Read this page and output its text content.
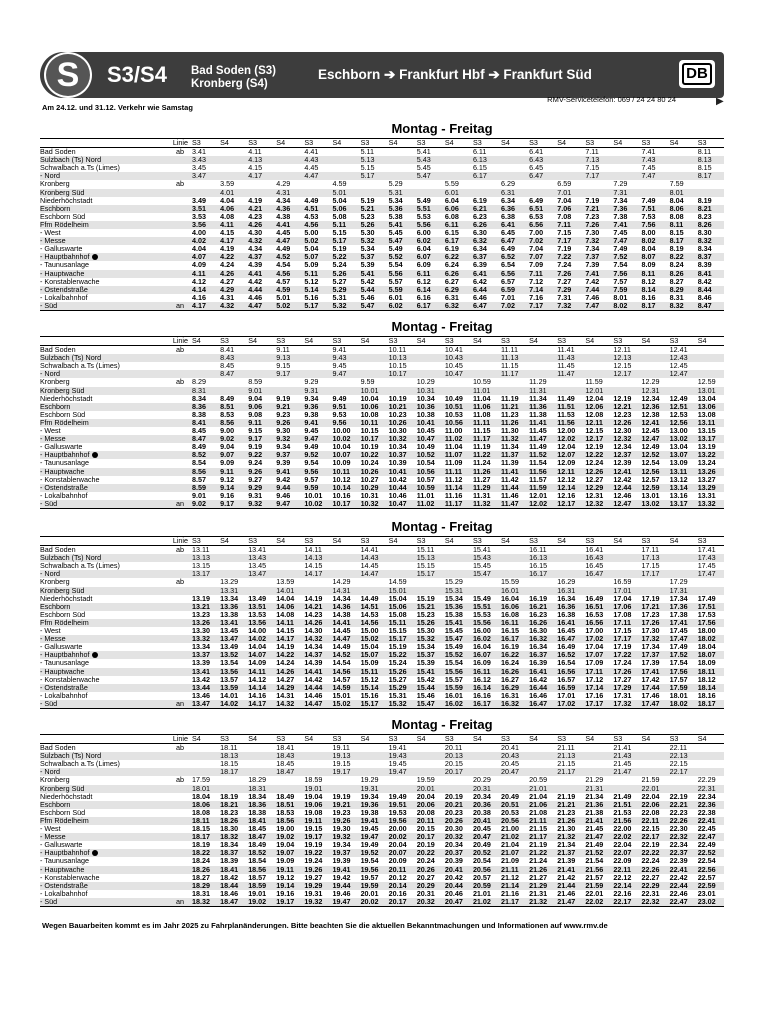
S	S3/S4 Bad Soden (S3)
Kronberg (S4)
Eschborn ➔ Frankfurt Hbf ➔ Frankfurt Süd	DB
Am 24.12. und 31.12. Verkehr wie Samstag
RMV-Servicetelefon: 069 / 24 24 80 24	▶
Montag - Freitag
Linie		S3	S4	S3	S4	S3	S4	S3	S4	S3	S4	S3	S4	S3	S4	S3	S4	S3	S4	S3
Bad Soden	ab	3.41		4.11		4.41		5.11		5.41		6.11		6.41		7.11		7.41		8.11
Sulzbach (Ts) Nord		3.43		4.13		4.43		5.13		5.43		6.13		6.43		7.13		7.43		8.13
Schwalbach a.Ts (Limes)		3.45		4.15		4.45		5.15		5.45		6.15		6.45		7.15		7.45		8.15
- Nord		3.47		4.17		4.47		5.17		5.47		6.17		6.47		7.17		7.47		8.17
Kronberg	ab		3.59		4.29		4.59		5.29		5.59		6.29		6.59		7.29		7.59	
Kronberg Süd			4.01		4.31		5.01		5.31		6.01		6.31		7.01		7.31		8.01	
Niederhöchstadt		3.49	4.04	4.19	4.34	4.49	5.04	5.19	5.34	5.49	6.04	6.19	6.34	6.49	7.04	7.19	7.34	7.49	8.04	8.19
Eschborn		3.51	4.06	4.21	4.36	4.51	5.06	5.21	5.36	5.51	6.06	6.21	6.36	6.51	7.06	7.21	7.36	7.51	8.06	8.21
Eschborn Süd		3.53	4.08	4.23	4.38	4.53	5.08	5.23	5.38	5.53	6.08	6.23	6.38	6.53	7.08	7.23	7.38	7.53	8.08	8.23
Ffm Rödelheim		3.56	4.11	4.26	4.41	4.56	5.11	5.26	5.41	5.56	6.11	6.26	6.41	6.56	7.11	7.26	7.41	7.56	8.11	8.26
- West		4.00	4.15	4.30	4.45	5.00	5.15	5.30	5.45	6.00	6.15	6.30	6.45	7.00	7.15	7.30	7.45	8.00	8.15	8.30
- Messe		4.02	4.17	4.32	4.47	5.02	5.17	5.32	5.47	6.02	6.17	6.32	6.47	7.02	7.17	7.32	7.47	8.02	8.17	8.32
- Galluswarte		4.04	4.19	4.34	4.49	5.04	5.19	5.34	5.49	6.04	6.19	6.34	6.49	7.04	7.19	7.34	7.49	8.04	8.19	8.34
- Hauptbahnhof		4.07	4.22	4.37	4.52	5.07	5.22	5.37	5.52	6.07	6.22	6.37	6.52	7.07	7.22	7.37	7.52	8.07	8.22	8.37
- Taunusanlage		4.09	4.24	4.39	4.54	5.09	5.24	5.39	5.54	6.09	6.24	6.39	6.54	7.09	7.24	7.39	7.54	8.09	8.24	8.39
- Hauptwache		4.11	4.26	4.41	4.56	5.11	5.26	5.41	5.56	6.11	6.26	6.41	6.56	7.11	7.26	7.41	7.56	8.11	8.26	8.41
- Konstablerwache		4.12	4.27	4.42	4.57	5.12	5.27	5.42	5.57	6.12	6.27	6.42	6.57	7.12	7.27	7.42	7.57	8.12	8.27	8.42
- Ostendstraße		4.14	4.29	4.44	4.59	5.14	5.29	5.44	5.59	6.14	6.29	6.44	6.59	7.14	7.29	7.44	7.59	8.14	8.29	8.44
- Lokalbahnhof		4.16	4.31	4.46	5.01	5.16	5.31	5.46	6.01	6.16	6.31	6.46	7.01	7.16	7.31	7.46	8.01	8.16	8.31	8.46
- Süd	an	4.17	4.32	4.47	5.02	5.17	5.32	5.47	6.02	6.17	6.32	6.47	7.02	7.17	7.32	7.47	8.02	8.17	8.32	8.47
Montag - Freitag
Linie		S4	S3	S4	S3	S4	S3	S4	S3	S4	S3	S4	S3	S4	S3	S4	S3	S4	S3	S4
Bad Soden	ab		8.41		9.11		9.41		10.11		10.41		11.11		11.41		12.11		12.41	
Sulzbach (Ts) Nord			8.43		9.13		9.43		10.13		10.43		11.13		11.43		12.13		12.43	
Schwalbach a.Ts (Limes)			8.45		9.15		9.45		10.15		10.45		11.15		11.45		12.15		12.45	
- Nord			8.47		9.17		9.47		10.17		10.47		11.17		11.47		12.17		12.47	
Kronberg	ab	8.29		8.59		9.29		9.59		10.29		10.59		11.29		11.59		12.29		12.59
Kronberg Süd		8.31		9.01		9.31		10.01		10.31		11.01		11.31		12.01		12.31		13.01
Niederhöchstadt		8.34	8.49	9.04	9.19	9.34	9.49	10.04	10.19	10.34	10.49	11.04	11.19	11.34	11.49	12.04	12.19	12.34	12.49	13.04
Eschborn		8.36	8.51	9.06	9.21	9.36	9.51	10.06	10.21	10.36	10.51	11.06	11.21	11.36	11.51	12.06	12.21	12.36	12.51	13.06
Eschborn Süd		8.38	8.53	9.08	9.23	9.38	9.53	10.08	10.23	10.38	10.53	11.08	11.23	11.38	11.53	12.08	12.23	12.38	12.53	13.08
Ffm Rödelheim		8.41	8.56	9.11	9.26	9.41	9.56	10.11	10.26	10.41	10.56	11.11	11.26	11.41	11.56	12.11	12.26	12.41	12.56	13.11
- West		8.45	9.00	9.15	9.30	9.45	10.00	10.15	10.30	10.45	11.00	11.15	11.30	11.45	12.00	12.15	12.30	12.45	13.00	13.15
- Messe		8.47	9.02	9.17	9.32	9.47	10.02	10.17	10.32	10.47	11.02	11.17	11.32	11.47	12.02	12.17	12.32	12.47	13.02	13.17
- Galluswarte		8.49	9.04	9.19	9.34	9.49	10.04	10.19	10.34	10.49	11.04	11.19	11.34	11.49	12.04	12.19	12.34	12.49	13.04	13.19
- Hauptbahnhof		8.52	9.07	9.22	9.37	9.52	10.07	10.22	10.37	10.52	11.07	11.22	11.37	11.52	12.07	12.22	12.37	12.52	13.07	13.22
- Taunusanlage		8.54	9.09	9.24	9.39	9.54	10.09	10.24	10.39	10.54	11.09	11.24	11.39	11.54	12.09	12.24	12.39	12.54	13.09	13.24
- Hauptwache		8.56	9.11	9.26	9.41	9.56	10.11	10.26	10.41	10.56	11.11	11.26	11.41	11.56	12.11	12.26	12.41	12.56	13.11	13.26
- Konstablerwache		8.57	9.12	9.27	9.42	9.57	10.12	10.27	10.42	10.57	11.12	11.27	11.42	11.57	12.12	12.27	12.42	12.57	13.12	13.27
- Ostendstraße		8.59	9.14	9.29	9.44	9.59	10.14	10.29	10.44	10.59	11.14	11.29	11.44	11.59	12.14	12.29	12.44	12.59	13.14	13.29
- Lokalbahnhof		9.01	9.16	9.31	9.46	10.01	10.16	10.31	10.46	11.01	11.16	11.31	11.46	12.01	12.16	12.31	12.46	13.01	13.16	13.31
- Süd	an	9.02	9.17	9.32	9.47	10.02	10.17	10.32	10.47	11.02	11.17	11.32	11.47	12.02	12.17	12.32	12.47	13.02	13.17	13.32
Montag - Freitag
Linie		S3	S4	S3	S4	S3	S4	S3	S4	S3	S4	S3	S4	S3	S4	S3	S4	S3	S4	S3
Bad Soden	ab	13.11		13.41		14.11		14.41		15.11		15.41		16.11		16.41		17.11		17.41
Sulzbach (Ts) Nord		13.13		13.43		14.13		14.43		15.13		15.43		16.13		16.43		17.13		17.43
Schwalbach a.Ts (Limes)		13.15		13.45		14.15		14.45		15.15		15.45		16.15		16.45		17.15		17.45
- Nord		13.17		13.47		14.17		14.47		15.17		15.47		16.17		16.47		17.17		17.47
Kronberg	ab		13.29		13.59		14.29		14.59		15.29		15.59		16.29		16.59		17.29	
Kronberg Süd			13.31		14.01		14.31		15.01		15.31		16.01		16.31		17.01		17.31	
Niederhöchstadt		13.19	13.34	13.49	14.04	14.19	14.34	14.49	15.04	15.19	15.34	15.49	16.04	16.19	16.34	16.49	17.04	17.19	17.34	17.49
Eschborn		13.21	13.36	13.51	14.06	14.21	14.36	14.51	15.06	15.21	15.36	15.51	16.06	16.21	16.36	16.51	17.06	17.21	17.36	17.51
Eschborn Süd		13.23	13.38	13.53	14.08	14.23	14.38	14.53	15.08	15.23	15.38	15.53	16.08	16.23	16.38	16.53	17.08	17.23	17.38	17.53
Ffm Rödelheim		13.26	13.41	13.56	14.11	14.26	14.41	14.56	15.11	15.26	15.41	15.56	16.11	16.26	16.41	16.56	17.11	17.26	17.41	17.56
- West		13.30	13.45	14.00	14.15	14.30	14.45	15.00	15.15	15.30	15.45	16.00	16.15	16.30	16.45	17.00	17.15	17.30	17.45	18.00
- Messe		13.32	13.47	14.02	14.17	14.32	14.47	15.02	15.17	15.32	15.47	16.02	16.17	16.32	16.47	17.02	17.17	17.32	17.47	18.02
- Galluswarte		13.34	13.49	14.04	14.19	14.34	14.49	15.04	15.19	15.34	15.49	16.04	16.19	16.34	16.49	17.04	17.19	17.34	17.49	18.04
- Hauptbahnhof		13.37	13.52	14.07	14.22	14.37	14.52	15.07	15.22	15.37	15.52	16.07	16.22	16.37	16.52	17.07	17.22	17.37	17.52	18.07
- Taunusanlage		13.39	13.54	14.09	14.24	14.39	14.54	15.09	15.24	15.39	15.54	16.09	16.24	16.39	16.54	17.09	17.24	17.39	17.54	18.09
- Hauptwache		13.41	13.56	14.11	14.26	14.41	14.56	15.11	15.26	15.41	15.56	16.11	16.26	16.41	16.56	17.11	17.26	17.41	17.56	18.11
- Konstablerwache		13.42	13.57	14.12	14.27	14.42	14.57	15.12	15.27	15.42	15.57	16.12	16.27	16.42	16.57	17.12	17.27	17.42	17.57	18.12
- Ostendstraße		13.44	13.59	14.14	14.29	14.44	14.59	15.14	15.29	15.44	15.59	16.14	16.29	16.44	16.59	17.14	17.29	17.44	17.59	18.14
- Lokalbahnhof		13.46	14.01	14.16	14.31	14.46	15.01	15.16	15.31	15.46	16.01	16.16	16.31	16.46	17.01	17.16	17.31	17.46	18.01	18.16
- Süd	an	13.47	14.02	14.17	14.32	14.47	15.02	15.17	15.32	15.47	16.02	16.17	16.32	16.47	17.02	17.17	17.32	17.47	18.02	18.17
Montag - Freitag
Linie		S4	S3	S4	S3	S4	S3	S4	S3	S4	S3	S4	S3	S4	S3	S4	S3	S4	S3	S4
Bad Soden	ab		18.11		18.41		19.11		19.41		20.11		20.41		21.11		21.41		22.11	
Sulzbach (Ts) Nord			18.13		18.43		19.13		19.43		20.13		20.43		21.13		21.43		22.13	
Schwalbach a.Ts (Limes)			18.15		18.45		19.15		19.45		20.15		20.45		21.15		21.45		22.15	
- Nord			18.17		18.47		19.17		19.47		20.17		20.47		21.17		21.47		22.17	
Kronberg	ab	17.59		18.29		18.59		19.29		19.59		20.29		20.59		21.29		21.59		22.29
Kronberg Süd		18.01		18.31		19.01		19.31		20.01		20.31		21.01		21.31		22.01		22.31
Niederhöchstadt		18.04	18.19	18.34	18.49	19.04	19.19	19.34	19.49	20.04	20.19	20.34	20.49	21.04	21.19	21.34	21.49	22.04	22.19	22.34
Eschborn		18.06	18.21	18.36	18.51	19.06	19.21	19.36	19.51	20.06	20.21	20.36	20.51	21.06	21.21	21.36	21.51	22.06	22.21	22.36
Eschborn Süd		18.08	18.23	18.38	18.53	19.08	19.23	19.38	19.53	20.08	20.23	20.38	20.53	21.08	21.23	21.38	21.53	22.08	22.23	22.38
Ffm Rödelheim		18.11	18.26	18.41	18.56	19.11	19.26	19.41	19.56	20.11	20.26	20.41	20.56	21.11	21.26	21.41	21.56	22.11	22.26	22.41
- West		18.15	18.30	18.45	19.00	19.15	19.30	19.45	20.00	20.15	20.30	20.45	21.00	21.15	21.30	21.45	22.00	22.15	22.30	22.45
- Messe		18.17	18.32	18.47	19.02	19.17	19.32	19.47	20.02	20.17	20.32	20.47	21.02	21.17	21.32	21.47	22.02	22.17	22.32	22.47
- Galluswarte		18.19	18.34	18.49	19.04	19.19	19.34	19.49	20.04	20.19	20.34	20.49	21.04	21.19	21.34	21.49	22.04	22.19	22.34	22.49
- Hauptbahnhof		18.22	18.37	18.52	19.07	19.22	19.37	19.52	20.07	20.22	20.37	20.52	21.07	21.22	21.37	21.52	22.07	22.22	22.37	22.52
- Taunusanlage		18.24	18.39	18.54	19.09	19.24	19.39	19.54	20.09	20.24	20.39	20.54	21.09	21.24	21.39	21.54	22.09	22.24	22.39	22.54
- Hauptwache		18.26	18.41	18.56	19.11	19.26	19.41	19.56	20.11	20.26	20.41	20.56	21.11	21.26	21.41	21.56	22.11	22.26	22.41	22.56
- Konstablerwache		18.27	18.42	18.57	19.12	19.27	19.42	19.57	20.12	20.27	20.42	20.57	21.12	21.27	21.42	21.57	22.12	22.27	22.42	22.57
- Ostendstraße		18.29	18.44	18.59	19.14	19.29	19.44	19.59	20.14	20.29	20.44	20.59	21.14	21.29	21.44	21.59	22.14	22.29	22.44	22.59
- Lokalbahnhof		18.31	18.46	19.01	19.16	19.31	19.46	20.01	20.16	20.31	20.46	21.01	21.16	21.31	21.46	22.01	22.16	22.31	22.46	23.01
- Süd	an	18.32	18.47	19.02	19.17	19.32	19.47	20.02	20.17	20.32	20.47	21.02	21.17	21.32	21.47	22.02	22.17	22.32	22.47	23.02
Wegen Bauarbeiten kommt es im Jahr 2025 zu Fahrplanänderungen. Bitte beachten Sie die aktuellen Bekanntmachungen und Informationen auf www.rmv.de
